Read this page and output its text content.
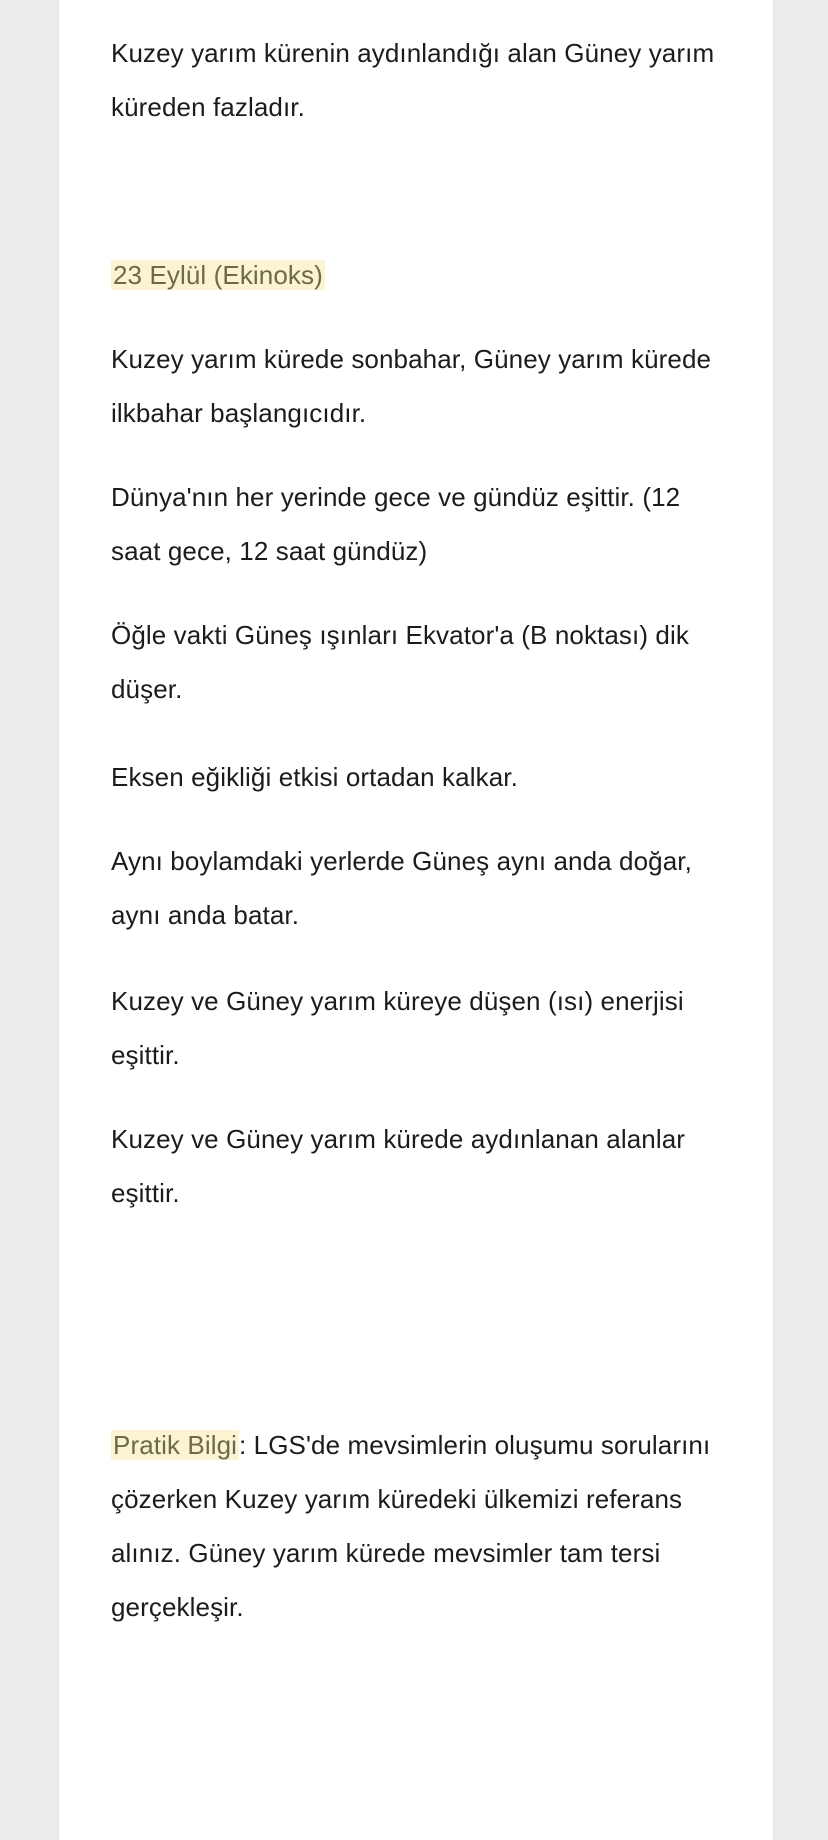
Kuzey yarım kürenin aydınlandığı alan Güney yarım küreden fazladır.

23 Eylül (Ekinoks)

Kuzey yarım kürede sonbahar, Güney yarım kürede ilkbahar başlangıcıdır.

Dünya'nın her yerinde gece ve gündüz eşittir. (12 saat gece, 12 saat gündüz)

Öğle vakti Güneş ışınları Ekvator'a (B noktası) dik düşer.

Eksen eğikliği etkisi ortadan kalkar.

Aynı boylamdaki yerlerde Güneş aynı anda doğar, aynı anda batar.

Kuzey ve Güney yarım küreye düşen (ısı) enerjisi eşittir.

Kuzey ve Güney yarım kürede aydınlanan alanlar eşittir.

Pratik Bilgi: LGS'de mevsimlerin oluşumu sorularını çözerken Kuzey yarım küredeki ülkemizi referans alınız. Güney yarım kürede mevsimler tam tersi gerçekleşir.
